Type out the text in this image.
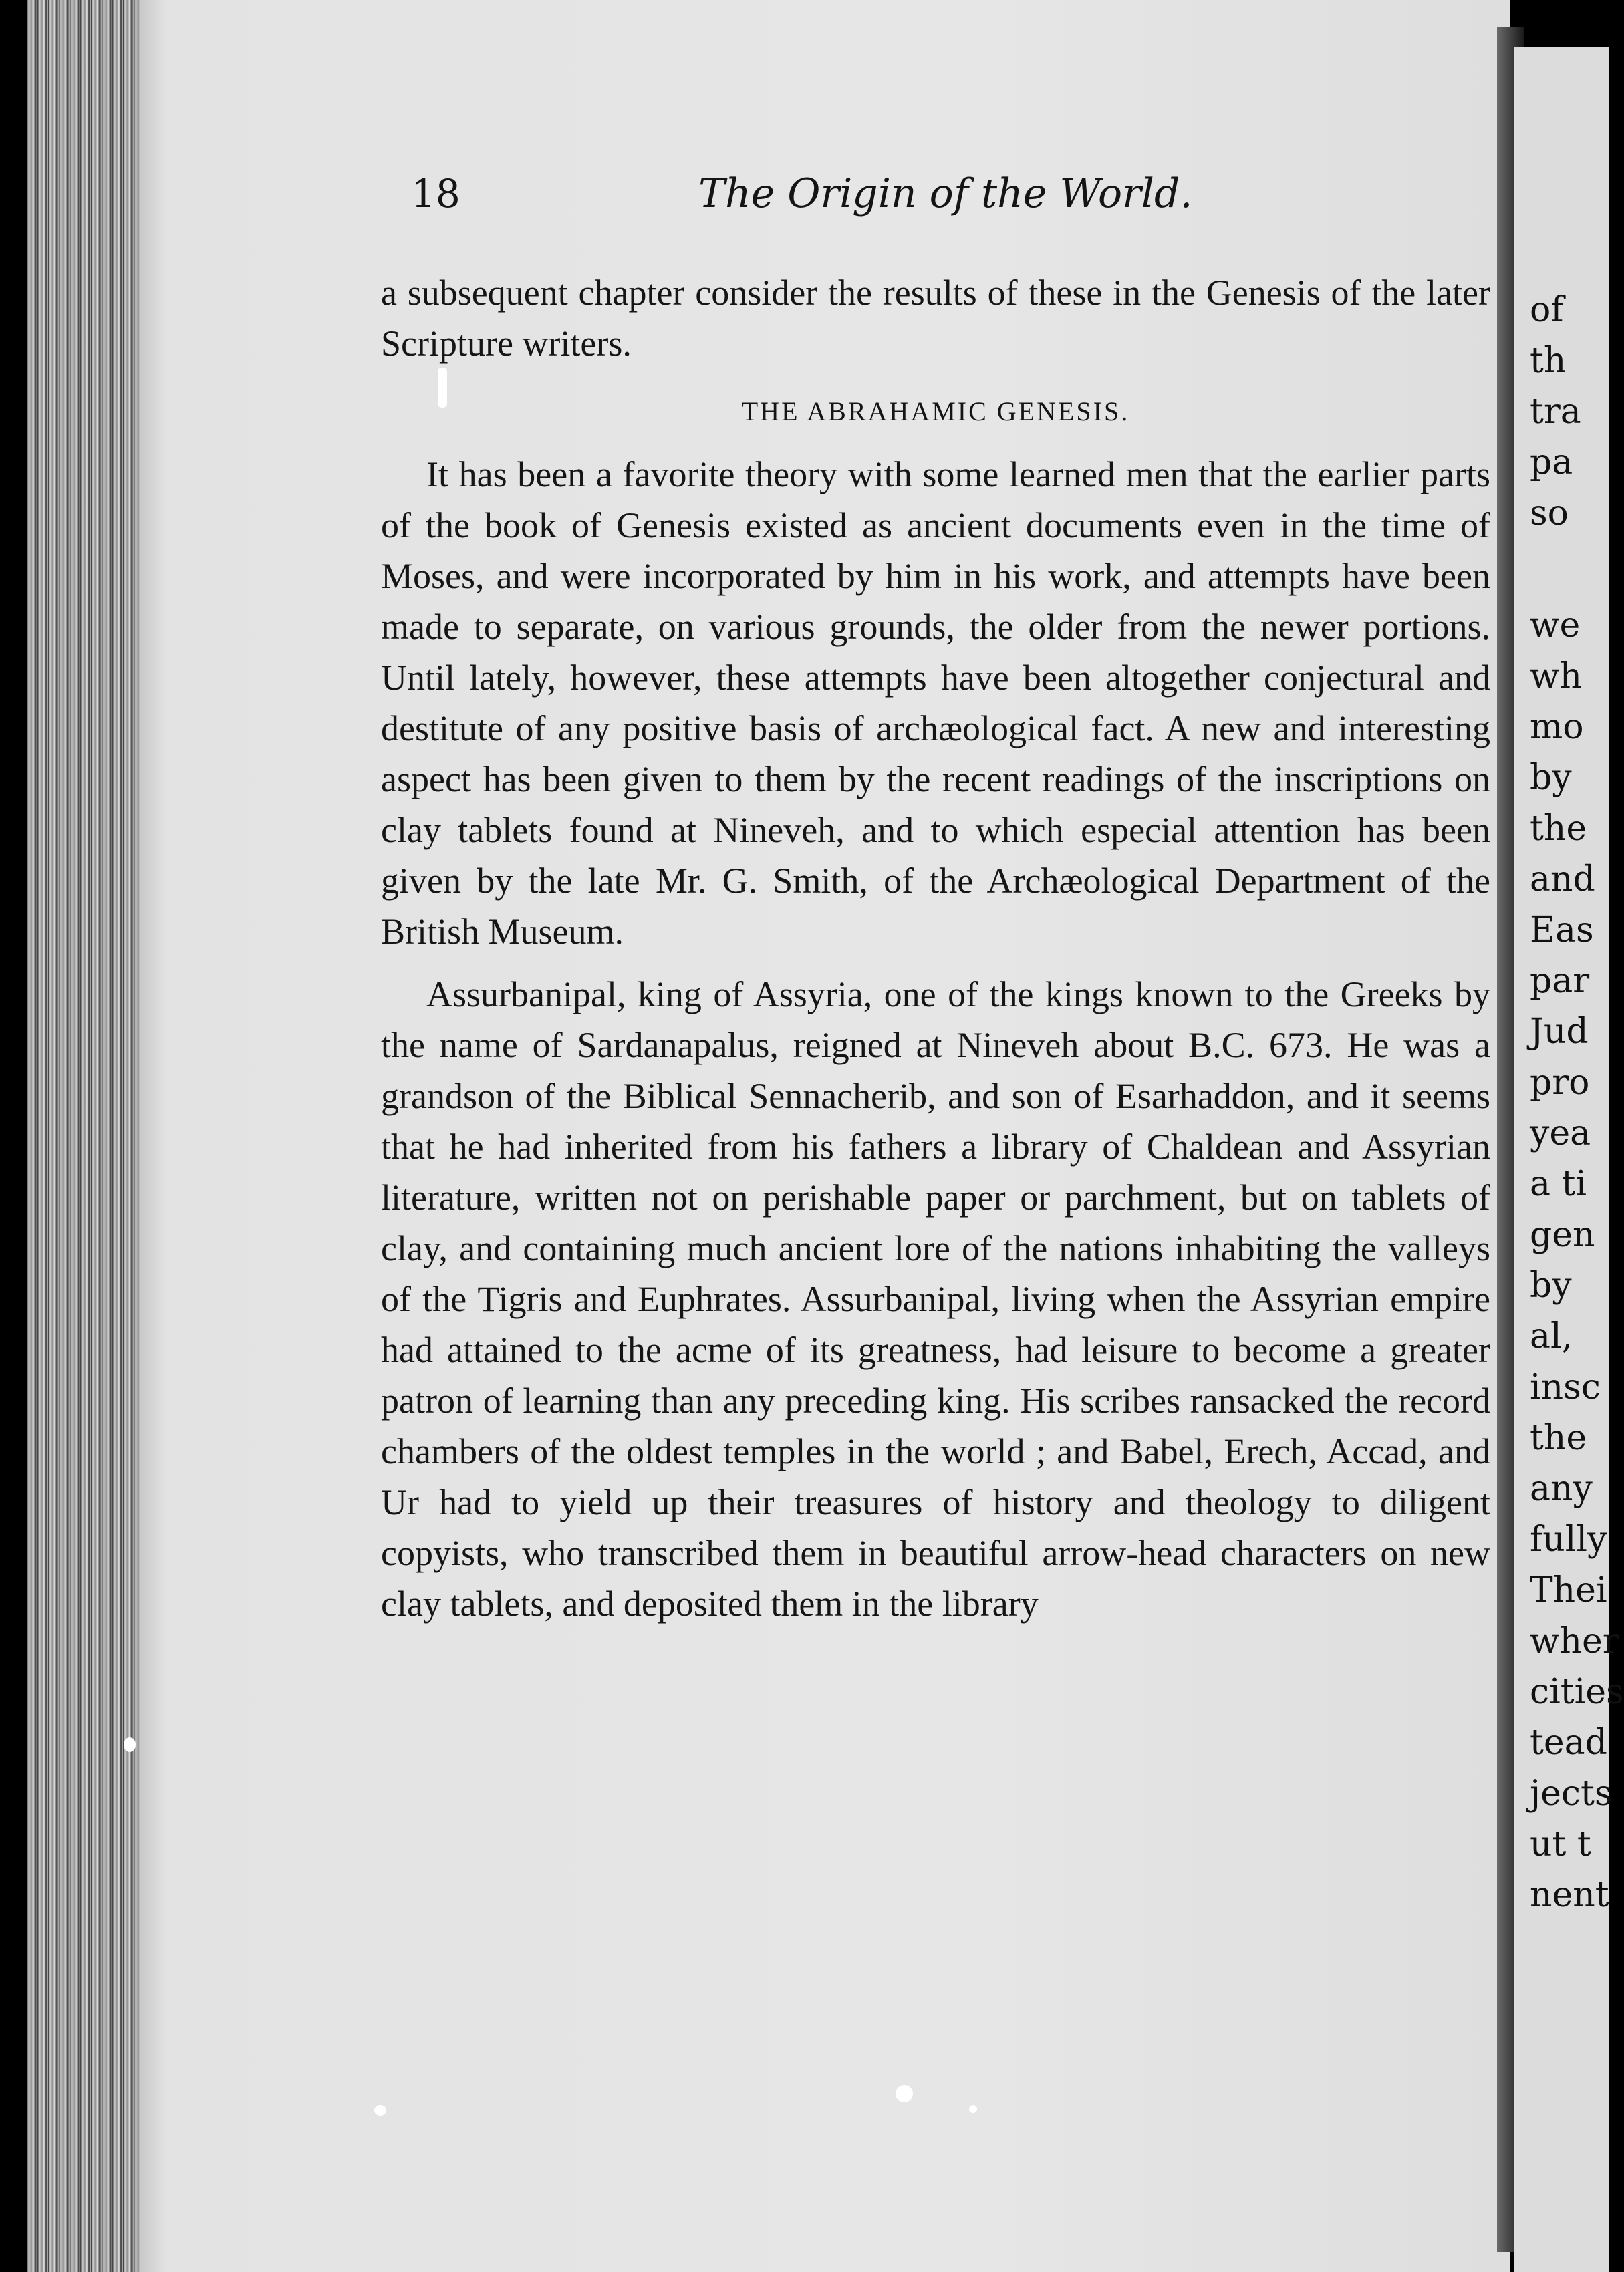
of
th
tra
pa
so
we
wh
mo
by
the
and
Eas
par
Jud
pro
yea
a ti
gen
by
al,
insc
the
any
fully
Thei
wher
cities
tead
jects
ut t
nent
18	The Origin of the World.

a subsequent chapter consider the results of these in the Genesis of the later Scripture writers.

THE ABRAHAMIC GENESIS.

It has been a favorite theory with some learned men that the earlier parts of the book of Genesis existed as ancient documents even in the time of Moses, and were incorporated by him in his work, and attempts have been made to separate, on various grounds, the older from the newer portions. Until lately, however, these attempts have been altogether conjectural and destitute of any positive basis of archæological fact. A new and interesting aspect has been given to them by the recent readings of the inscriptions on clay tablets found at Nineveh, and to which especial attention has been given by the late Mr. G. Smith, of the Archæological Department of the British Museum.

Assurbanipal, king of Assyria, one of the kings known to the Greeks by the name of Sardanapalus, reigned at Nineveh about B.C. 673. He was a grandson of the Biblical Sennacherib, and son of Esarhaddon, and it seems that he had inherited from his fathers a library of Chaldean and Assyrian literature, written not on perishable paper or parchment, but on tablets of clay, and containing much ancient lore of the nations inhabiting the valleys of the Tigris and Euphrates. Assurbanipal, living when the Assyrian empire had attained to the acme of its greatness, had leisure to become a greater patron of learning than any preceding king. His scribes ransacked the record chambers of the oldest temples in the world ; and Babel, Erech, Accad, and Ur had to yield up their treasures of history and theology to diligent copyists, who transcribed them in beautiful arrow-head characters on new clay tablets, and deposited them in the library
